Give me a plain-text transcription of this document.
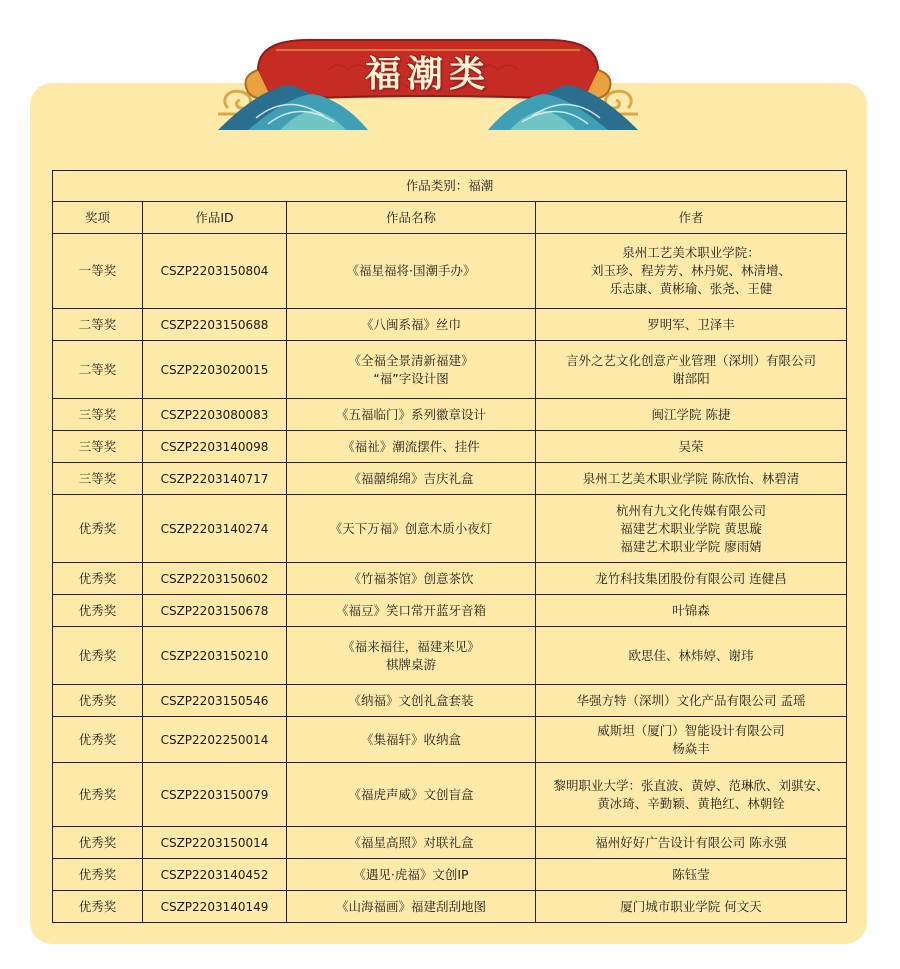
福潮类
作品类别：福潮			
奖项	作品ID	作品名称	作者
一等奖	CSZP2203150804	《福星福将·国潮手办》	泉州工艺美术职业学院：
刘玉珍、程芳芳、林丹妮、林清增、
乐志康、黄彬瑜、张尧、王健
二等奖	CSZP2203150688	《八闽系福》丝巾	罗明军、卫泽丰
二等奖	CSZP2203020015	《全福全景清新福建》
“福”字设计图	言外之艺文化创意产业管理（深圳）有限公司
谢部阳
三等奖	CSZP2203080083	《五福临门》系列徽章设计	闽江学院 陈捷
三等奖	CSZP2203140098	《福祉》潮流摆件、挂件	吴荣
三等奖	CSZP2203140717	《福囍绵绵》吉庆礼盒	泉州工艺美术职业学院 陈欣怡、林碧清
优秀奖	CSZP2203140274	《天下万福》创意木质小夜灯	杭州有九文化传媒有限公司
福建艺术职业学院 黄思璇
福建艺术职业学院 廖雨婧
优秀奖	CSZP2203150602	《竹福茶馆》创意茶饮	龙竹科技集团股份有限公司 连健昌
优秀奖	CSZP2203150678	《福豆》笑口常开蓝牙音箱	叶锦森
优秀奖	CSZP2203150210	《福来福往，福建来见》
棋牌桌游	欧思佳、林炜婷、谢玮
优秀奖	CSZP2203150546	《纳福》文创礼盒套装	华强方特（深圳）文化产品有限公司 孟瑶
优秀奖	CSZP2202250014	《集福轩》收纳盒	威斯坦（厦门）智能设计有限公司
杨焱丰
优秀奖	CSZP2203150079	《福虎声威》文创盲盒	黎明职业大学：张直波、黄婷、范琳欣、刘骐安、
黄冰琦、辛勤颖、黄艳红、林朝铨
优秀奖	CSZP2203150014	《福星高照》对联礼盒	福州好好广告设计有限公司 陈永强
优秀奖	CSZP2203140452	《遇见·虎福》文创IP	陈钰莹
优秀奖	CSZP2203140149	《山海福画》福建刮刮地图	厦门城市职业学院 何文天
